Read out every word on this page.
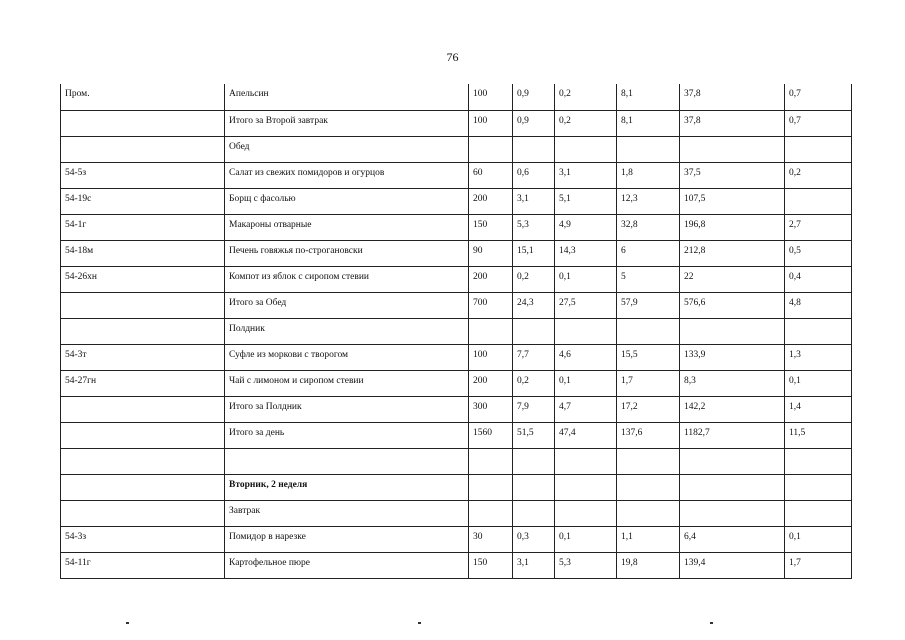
76
Пром.	Апельсин	100	0,9	0,2	8,1	37,8	0,7
	Итого за Второй завтрак	100	0,9	0,2	8,1	37,8	0,7
	Обед						
54-5з	Салат из свежих помидоров и огурцов	60	0,6	3,1	1,8	37,5	0,2
54-19с	Борщ с фасолью	200	3,1	5,1	12,3	107,5	
54-1г	Макароны отварные	150	5,3	4,9	32,8	196,8	2,7
54-18м	Печень говяжья по-строгановски	90	15,1	14,3	6	212,8	0,5
54-26хн	Компот из яблок с сиропом стевии	200	0,2	0,1	5	22	0,4
	Итого за Обед	700	24,3	27,5	57,9	576,6	4,8
	Полдник						
54-3т	Суфле из моркови с творогом	100	7,7	4,6	15,5	133,9	1,3
54-27гн	Чай с лимоном и сиропом стевии	200	0,2	0,1	1,7	8,3	0,1
	Итого за Полдник	300	7,9	4,7	17,2	142,2	1,4
	Итого за день	1560	51,5	47,4	137,6	1182,7	11,5

	Вторник, 2 неделя						
	Завтрак						
54-3з	Помидор в нарезке	30	0,3	0,1	1,1	6,4	0,1
54-11г	Картофельное пюре	150	3,1	5,3	19,8	139,4	1,7
